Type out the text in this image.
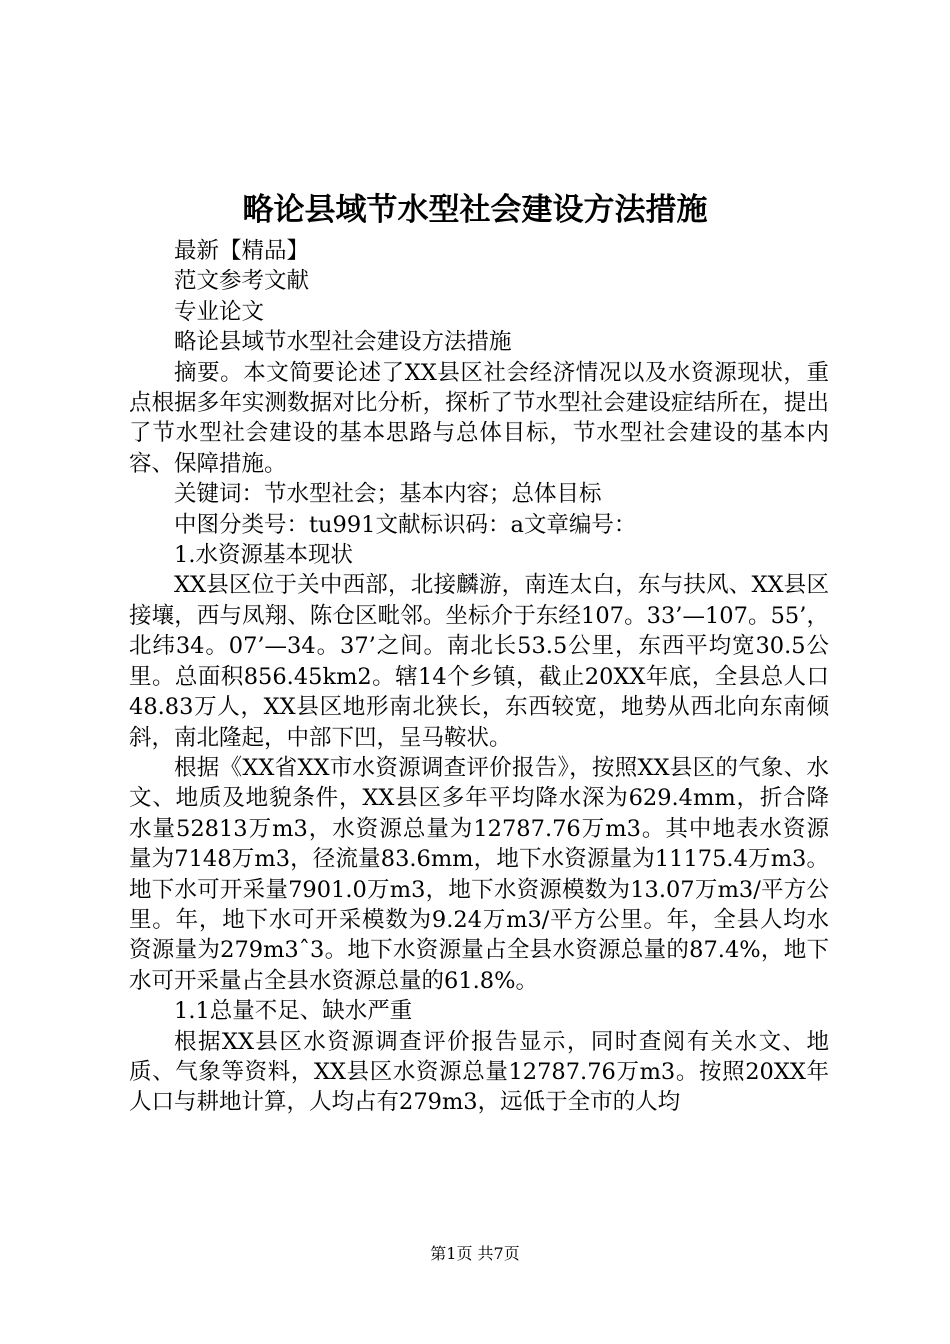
略论县域节水型社会建设方法措施

最新【精品】

范文参考文献

专业论文

略论县域节水型社会建设方法措施

摘要。本文简要论述了XX县区社会经济情况以及水资源现状，重点根据多年实测数据对比分析，探析了节水型社会建设症结所在，提出了节水型社会建设的基本思路与总体目标，节水型社会建设的基本内容、保障措施。

关键词：节水型社会；基本内容；总体目标

中图分类号：tu991文献标识码：a文章编号：

1.水资源基本现状

XX县区位于关中西部，北接麟游，南连太白，东与扶风、XX县区接壤，西与凤翔、陈仓区毗邻。坐标介于东经107。33’—107。55’，北纬34。07’—34。37’之间。南北长53.5公里，东西平均宽30.5公里。总面积856.45km2。辖14个乡镇，截止20XX年底，全县总人口48.83万人，XX县区地形南北狭长，东西较宽，地势从西北向东南倾斜，南北隆起，中部下凹，呈马鞍状。

根据《XX省XX市水资源调查评价报告》，按照XX县区的气象、水文、地质及地貌条件，XX县区多年平均降水深为629.4mm，折合降水量52813万m3，水资源总量为12787.76万m3。其中地表水资源量为7148万m3，径流量83.6mm，地下水资源量为11175.4万m3。地下水可开采量7901.0万m3，地下水资源模数为13.07万m3/平方公里。年，地下水可开采模数为9.24万m3/平方公里。年，全县人均水资源量为279m3ˆ3。地下水资源量占全县水资源总量的87.4%，地下水可开采量占全县水资源总量的61.8%。

1.1总量不足、缺水严重

根据XX县区水资源调查评价报告显示，同时查阅有关水文、地质、气象等资料，XX县区水资源总量12787.76万m3。按照20XX年人口与耕地计算，人均占有279m3，远低于全市的人均

第1页 共7页
